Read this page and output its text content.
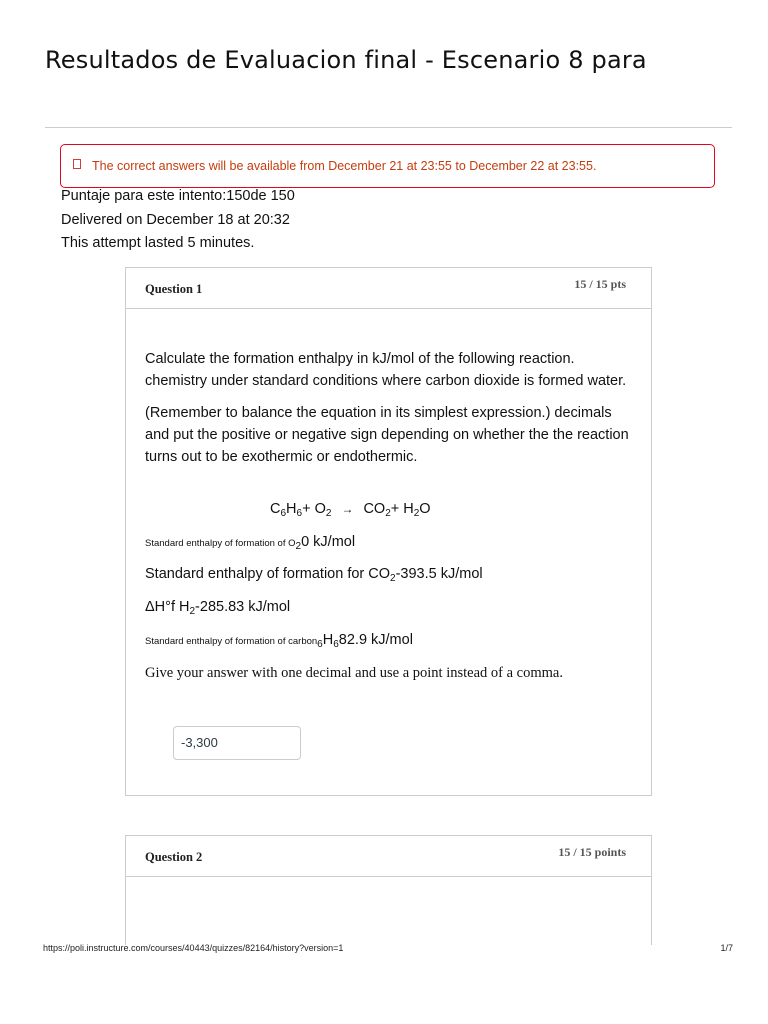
Resultados de Evaluacion final - Escenario 8 para
The correct answers will be available from December 21 at 23:55 to December 22 at 23:55.
Puntaje para este intento:150de 150
Delivered on December 18 at 20:32
This attempt lasted 5 minutes.
Question 1	15 / 15 pts

Calculate the formation enthalpy in kJ/mol of the following reaction. chemistry under standard conditions where carbon dioxide is formed water.

(Remember to balance the equation in its simplest expression.) decimals and put the positive or negative sign depending on whether the the reaction turns out to be exothermic or endothermic.

$C_6H_6+ O_2 \to CO_2+ H_2O$
Standard enthalpy of formation of $O_20$ kJ/mol
Standard enthalpy of formation for $CO_2-393.5$ kJ/mol
ΔH°f $H_2-285.83$ kJ/mol
Standard enthalpy of formation of $carbon_6H_682.9$ kJ/mol
Give your answer with one decimal and use a point instead of a comma.
-3,300
Question 2	15 / 15 points
https://poli.instructure.com/courses/40443/quizzes/82164/history?version=1	1/7
